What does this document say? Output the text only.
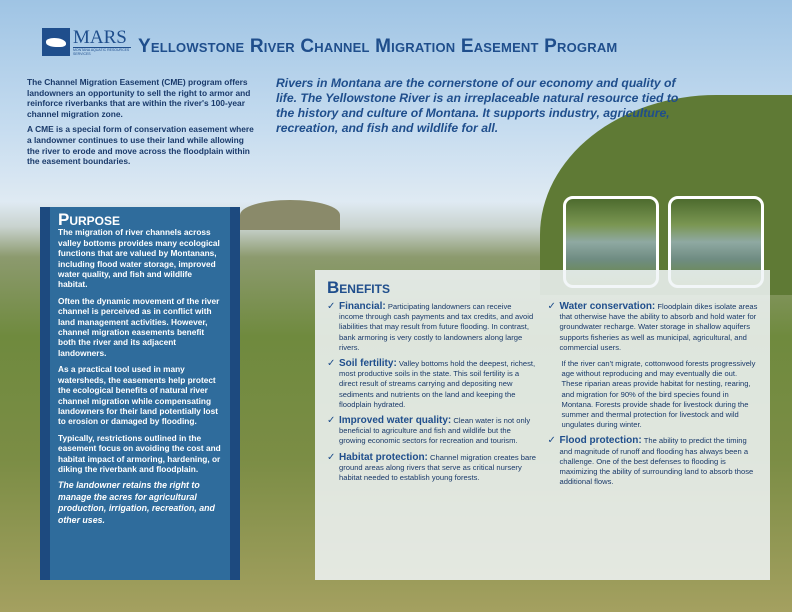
MARS
MONTANA AQUATIC RESOURCES SERVICES	Yellowstone River Channel Migration Easement Program

The Channel Migration Easement (CME) program offers landowners an opportunity to sell the right to armor and reinforce riverbanks that are within the river's 100-year channel migration zone.

A CME is a special form of conservation easement where a landowner continues to use their land while allowing the river to erode and move across the floodplain within the easement boundaries.

Rivers in Montana are the cornerstone of our economy and quality of life. The Yellowstone River is an irreplaceable natural resource tied to the history and culture of Montana. It supports industry, agriculture, recreation, and fish and wildlife for all.
Purpose

The migration of river channels across valley bottoms provides many ecological functions that are valued by Montanans, including flood water storage, improved water quality, and fish and wildlife habitat.

Often the dynamic movement of the river channel is perceived as in conflict with land management activities. However, channel migration easements benefit both the river and its adjacent landowners.

As a practical tool used in many watersheds, the easements help protect the ecological benefits of natural river channel migration while compensating landowners for their land potentially lost to erosion or damaged by flooding.

Typically, restrictions outlined in the easement focus on avoiding the cost and habitat impact of armoring, hardening, or diking the riverbank and floodplain.

The landowner retains the right to manage the acres for agricultural production, irrigation, recreation, and other uses.

Benefits
✓ Financial: Participating landowners can receive income through cash payments and tax credits, and avoid liabilities that may result from future flooding. In contrast, bank armoring is very costly to landowners along large rivers.
✓ Soil fertility: Valley bottoms hold the deepest, richest, most productive soils in the state. This soil fertility is a direct result of streams carrying and depositing new sediments and nutrients on the land and keeping the floodplain hydrated.
✓ Improved water quality: Clean water is not only beneficial to agriculture and fish and wildlife but the growing economic sectors for recreation and tourism.
✓ Habitat protection: Channel migration creates bare ground areas along rivers that serve as critical nursery habitat needed to establish young forests.
✓ Water conservation: Floodplain dikes isolate areas that otherwise have the ability to absorb and hold water for groundwater recharge. Water storage in shallow aquifers supports fisheries as well as municipal, agricultural, and commercial users.
If the river can't migrate, cottonwood forests progressively age without reproducing and may eventually die out. These riparian areas provide habitat for nesting, rearing, and migration for 90% of the bird species found in Montana. Forests provide shade for livestock during the summer and thermal protection for livestock and wild ungulates during winter.
✓ Flood protection: The ability to predict the timing and magnitude of runoff and flooding has always been a challenge. One of the best defenses to flooding is maximizing the ability of surrounding land to absorb those additional flows.
